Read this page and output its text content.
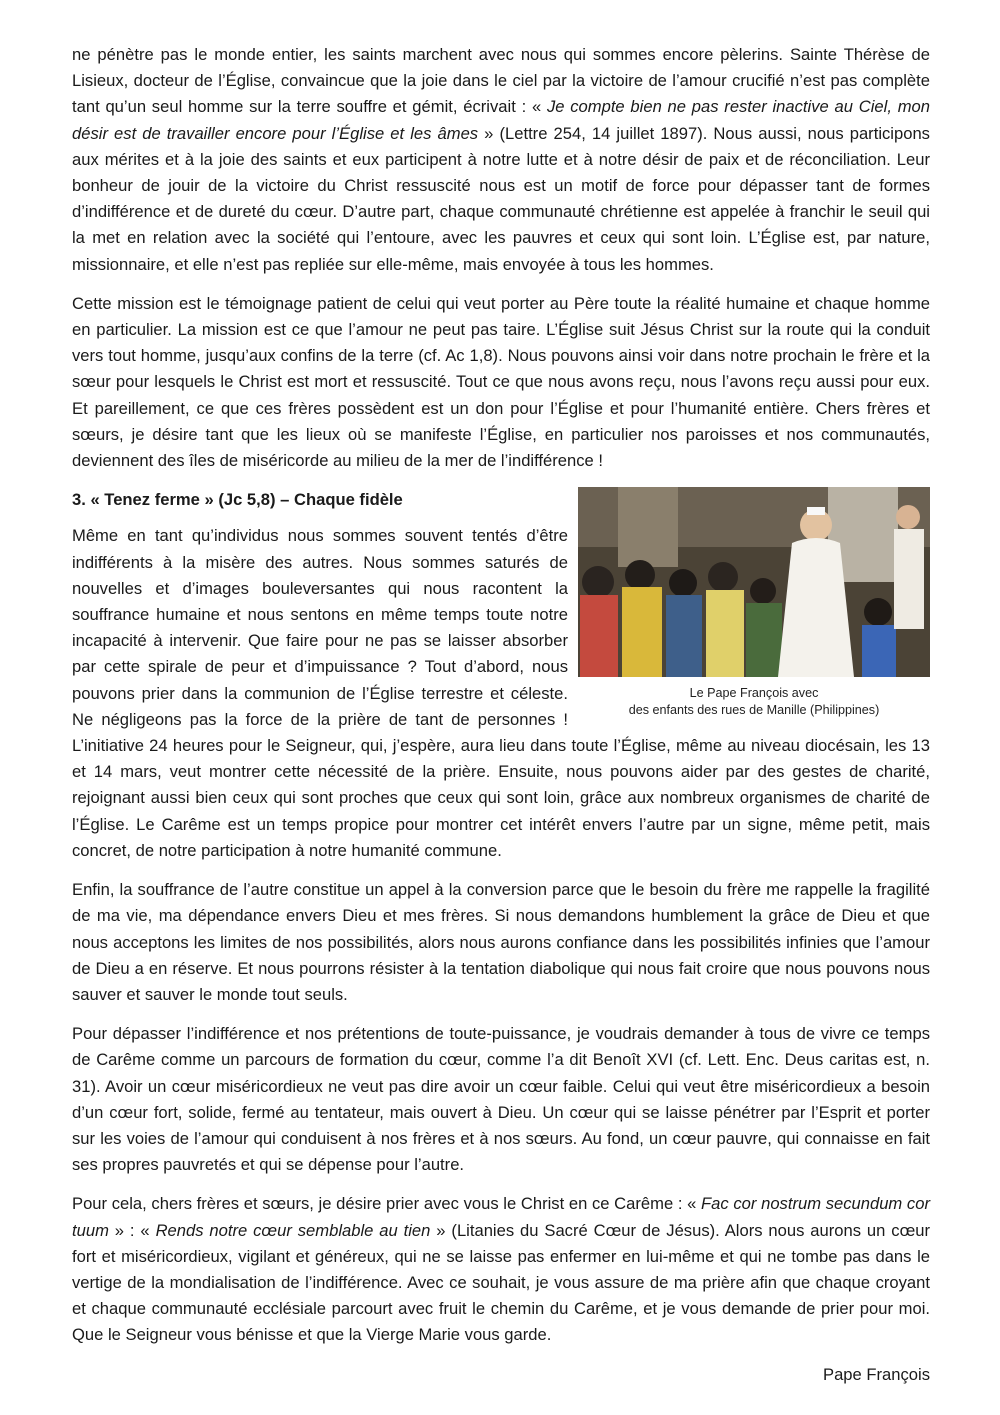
ne pénètre pas le monde entier, les saints marchent avec nous qui sommes encore pèlerins. Sainte Thérèse de Lisieux, docteur de l’Église, convaincue que la joie dans le ciel par la victoire de l’amour crucifié n’est pas complète tant qu’un seul homme sur la terre souffre et gémit, écrivait : « Je compte bien ne pas rester inactive au Ciel, mon désir est de travailler encore pour l’Église et les âmes » (Lettre 254, 14 juillet 1897). Nous aussi, nous participons aux mérites et à la joie des saints et eux participent à notre lutte et à notre désir de paix et de réconciliation. Leur bonheur de jouir de la victoire du Christ ressuscité nous est un motif de force pour dépasser tant de formes d’indifférence et de dureté du cœur. D’autre part, chaque communauté chrétienne est appelée à franchir le seuil qui la met en relation avec la société qui l’entoure, avec les pauvres et ceux qui sont loin. L’Église est, par nature, missionnaire, et elle n’est pas repliée sur elle-même, mais envoyée à tous les hommes.

Cette mission est le témoignage patient de celui qui veut porter au Père toute la réalité humaine et chaque homme en particulier. La mission est ce que l’amour ne peut pas taire. L’Église suit Jésus Christ sur la route qui la conduit vers tout homme, jusqu’aux confins de la terre (cf. Ac 1,8). Nous pouvons ainsi voir dans notre prochain le frère et la sœur pour lesquels le Christ est mort et ressuscité. Tout ce que nous avons reçu, nous l’avons reçu aussi pour eux. Et pareillement, ce que ces frères possèdent est un don pour l’Église et pour l’humanité entière. Chers frères et sœurs, je désire tant que les lieux où se manifeste l’Église, en particulier nos paroisses et nos communautés, deviennent des îles de miséricorde au milieu de la mer de l’indifférence !

Le Pape François avec
des enfants des rues de Manille (Philippines)

3. « Tenez ferme » (Jc 5,8) – Chaque fidèle

Même en tant qu’individus nous sommes souvent tentés d’être indifférents à la misère des autres. Nous sommes saturés de nouvelles et d’images bouleversantes qui nous racontent la souffrance humaine et nous sentons en même temps toute notre incapacité à intervenir. Que faire pour ne pas se laisser absorber par cette spirale de peur et d’impuissance ? Tout d’abord, nous pouvons prier dans la communion de l’Église terrestre et céleste. Ne négligeons pas la force de la prière de tant de personnes ! L’initiative 24 heures pour le Seigneur, qui, j’espère, aura lieu dans toute l’Église, même au niveau diocésain, les 13 et 14 mars, veut montrer cette nécessité de la prière. Ensuite, nous pouvons aider par des gestes de charité, rejoignant aussi bien ceux qui sont proches que ceux qui sont loin, grâce aux nombreux organismes de charité de l’Église. Le Carême est un temps propice pour montrer cet intérêt envers l’autre par un signe, même petit, mais concret, de notre participation à notre humanité commune.

Enfin, la souffrance de l’autre constitue un appel à la conversion parce que le besoin du frère me rappelle la fragilité de ma vie, ma dépendance envers Dieu et mes frères. Si nous demandons humblement la grâce de Dieu et que nous acceptons les limites de nos possibilités, alors nous aurons confiance dans les possibilités infinies que l’amour de Dieu a en réserve. Et nous pourrons résister à la tentation diabolique qui nous fait croire que nous pouvons nous sauver et sauver le monde tout seuls.

Pour dépasser l’indifférence et nos prétentions de toute-puissance, je voudrais demander à tous de vivre ce temps de Carême comme un parcours de formation du cœur, comme l’a dit Benoît XVI (cf. Lett. Enc. Deus caritas est, n. 31). Avoir un cœur miséricordieux ne veut pas dire avoir un cœur faible. Celui qui veut être miséricordieux a besoin d’un cœur fort, solide, fermé au tentateur, mais ouvert à Dieu. Un cœur qui se laisse pénétrer par l’Esprit et porter sur les voies de l’amour qui conduisent à nos frères et à nos sœurs. Au fond, un cœur pauvre, qui connaisse en fait ses propres pauvretés et qui se dépense pour l’autre.

Pour cela, chers frères et sœurs, je désire prier avec vous le Christ en ce Carême : « Fac cor nostrum secundum cor tuum » : « Rends notre cœur semblable au tien » (Litanies du Sacré Cœur de Jésus). Alors nous aurons un cœur fort et miséricordieux, vigilant et généreux, qui ne se laisse pas enfermer en lui-même et qui ne tombe pas dans le vertige de la mondialisation de l’indifférence. Avec ce souhait, je vous assure de ma prière afin que chaque croyant et chaque communauté ecclésiale parcourt avec fruit le chemin du Carême, et je vous demande de prier pour moi. Que le Seigneur vous bénisse et que la Vierge Marie vous garde.

Pape François
